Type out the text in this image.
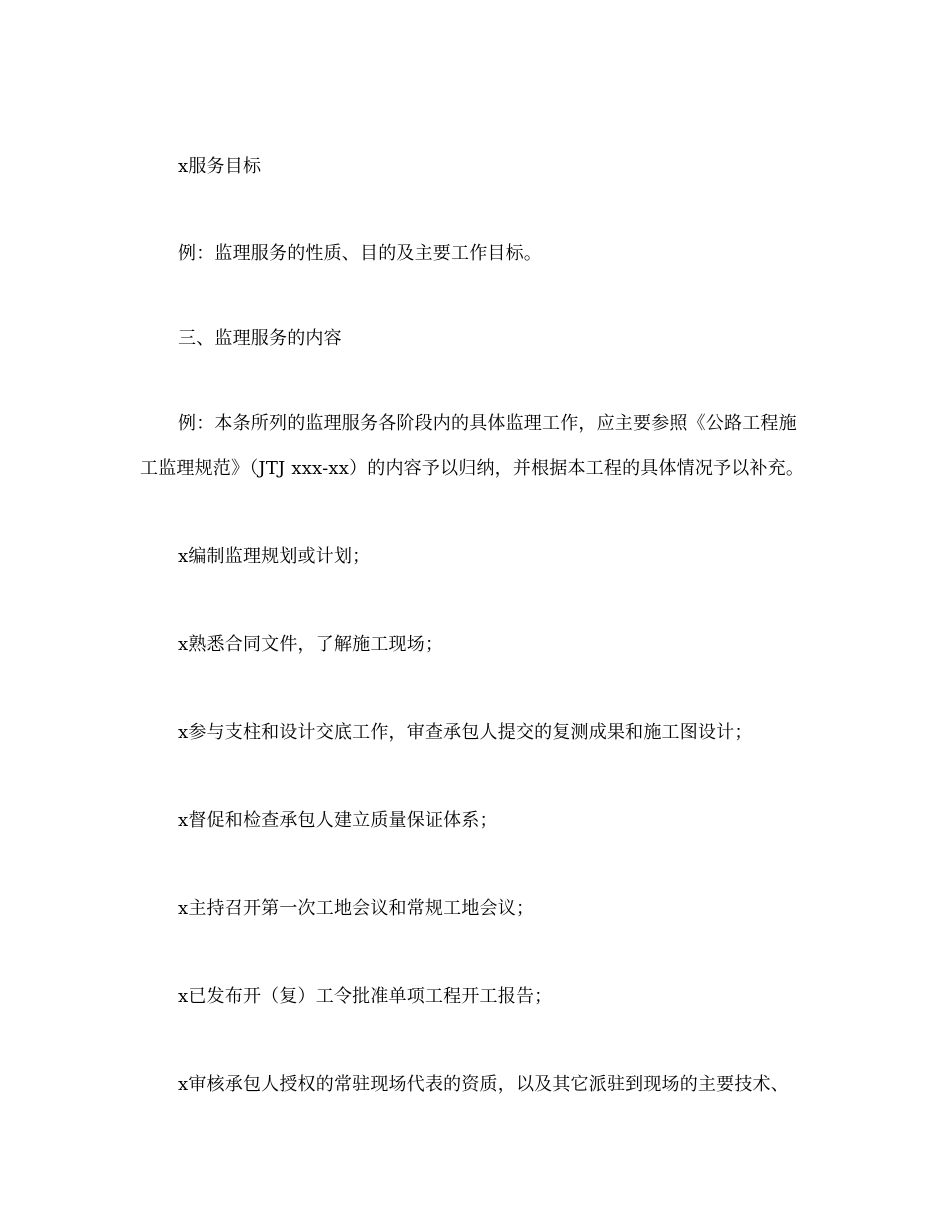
x服务目标
例：监理服务的性质、目的及主要工作目标。
三、监理服务的内容
例：本条所列的监理服务各阶段内的具体监理工作，应主要参照《公路工程施
工监理规范》（JTJ xxx-xx）的内容予以归纳，并根据本工程的具体情况予以补充。
x编制监理规划或计划；
x熟悉合同文件，了解施工现场；
x参与支柱和设计交底工作，审查承包人提交的复测成果和施工图设计；
x督促和检查承包人建立质量保证体系；
x主持召开第一次工地会议和常规工地会议；
x已发布开（复）工令批准单项工程开工报告；
x审核承包人授权的常驻现场代表的资质，以及其它派驻到现场的主要技术、
